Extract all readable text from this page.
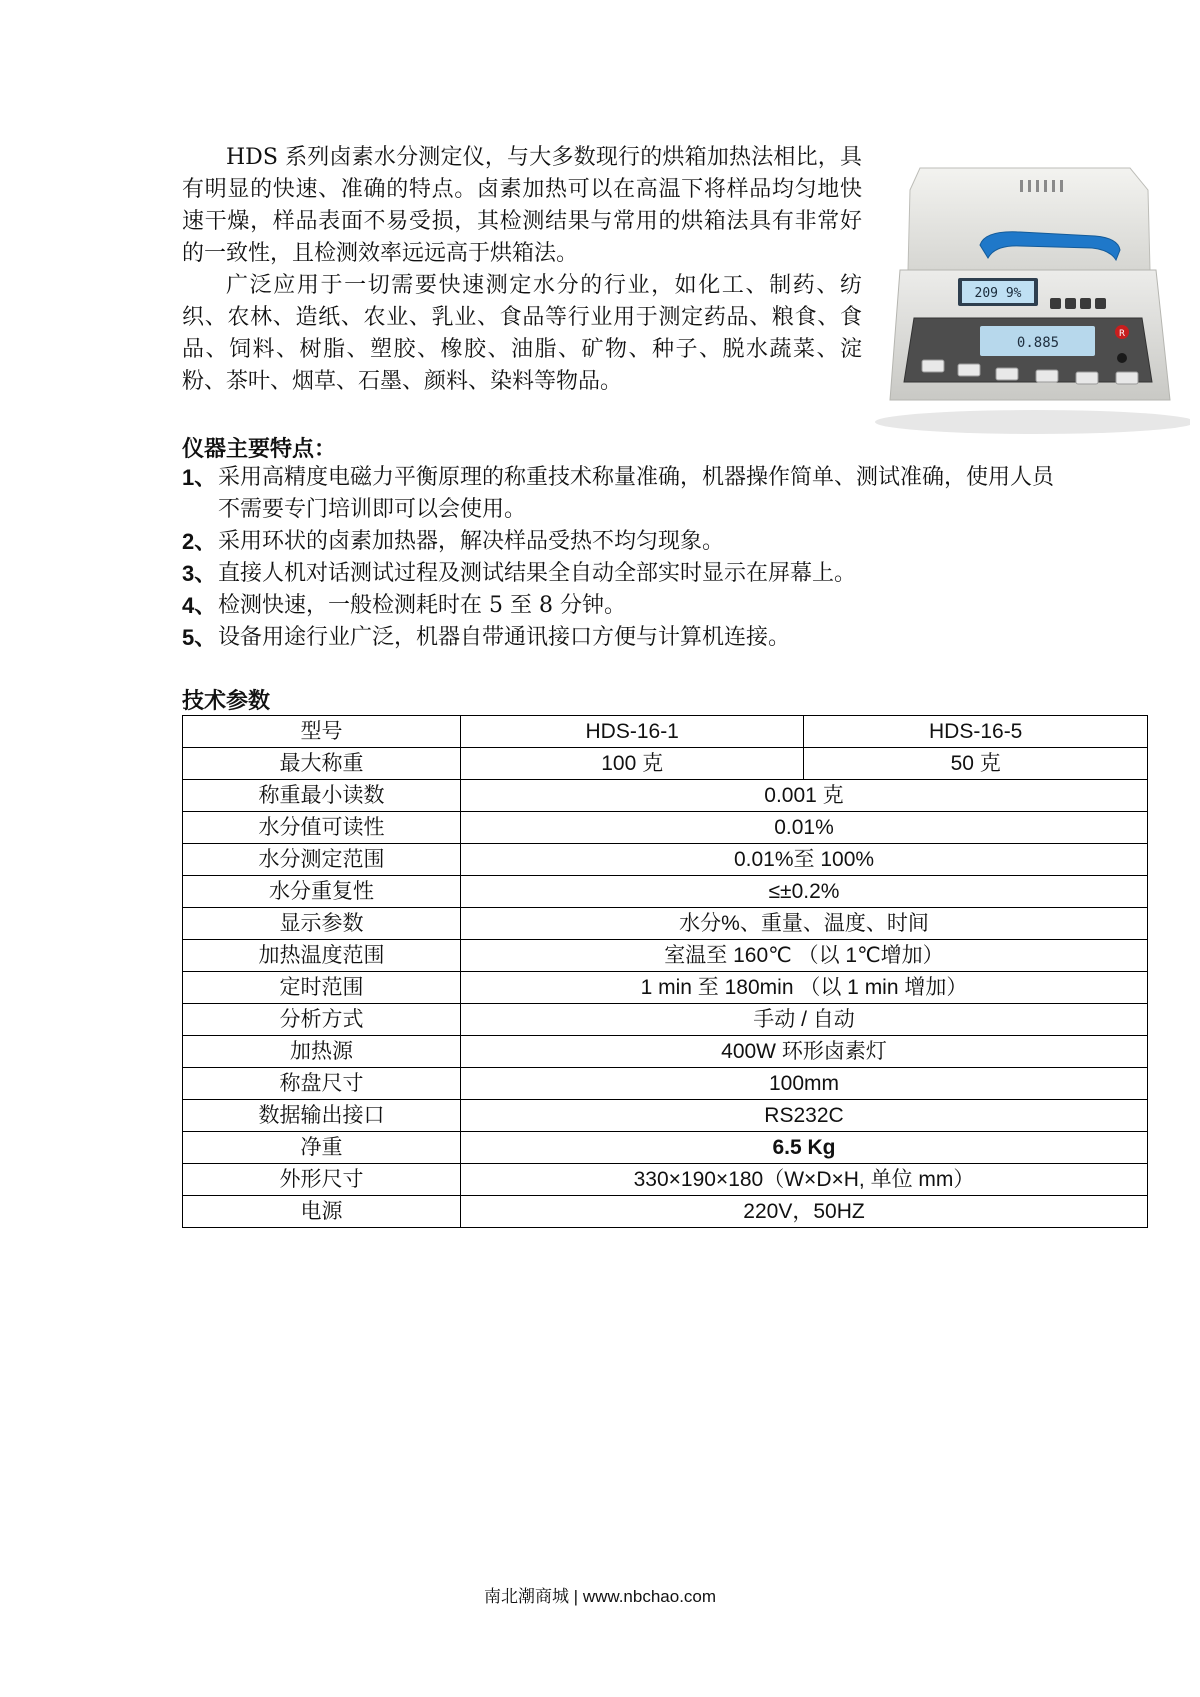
HDS 系列卤素水分测定仪，与大多数现行的烘箱加热法相比，具有明显的快速、准确的特点。卤素加热可以在高温下将样品均匀地快速干燥，样品表面不易受损，其检测结果与常用的烘箱法具有非常好的一致性，且检测效率远远高于烘箱法。

广泛应用于一切需要快速测定水分的行业，如化工、制药、纺织、农林、造纸、农业、乳业、食品等行业用于测定药品、粮食、食品、饲料、树脂、塑胶、橡胶、油脂、矿物、种子、脱水蔬菜、淀粉、茶叶、烟草、石墨、颜料、染料等物品。

209 9%
0.885
R
仪器主要特点：
1、 采用高精度电磁力平衡原理的称重技术称量准确，机器操作简单、测试准确，使用人员不需要专门培训即可以会使用。
2、 采用环状的卤素加热器，解决样品受热不均匀现象。
3、 直接人机对话测试过程及测试结果全自动全部实时显示在屏幕上。
4、 检测快速，一般检测耗时在 5 至 8 分钟。
5、 设备用途行业广泛，机器自带通讯接口方便与计算机连接。
技术参数
型号	HDS-16-1	HDS-16-5
最大称重	100 克	50 克
称重最小读数	0.001 克	
水分值可读性	0.01%	
水分测定范围	0.01%至 100%	
水分重复性	≤±0.2%	
显示参数	水分%、重量、温度、时间	
加热温度范围	室温至 160℃ （以 1℃增加）	
定时范围	1 min 至 180min （以 1 min 增加）	
分析方式	手动 / 自动	
加热源	400W 环形卤素灯	
称盘尺寸	100mm	
数据输出接口	RS232C	
净重	6.5 Kg	
外形尺寸	330×190×180（W×D×H, 单位 mm）	
电源	220V，50HZ	
南北潮商城 | www.nbchao.com
